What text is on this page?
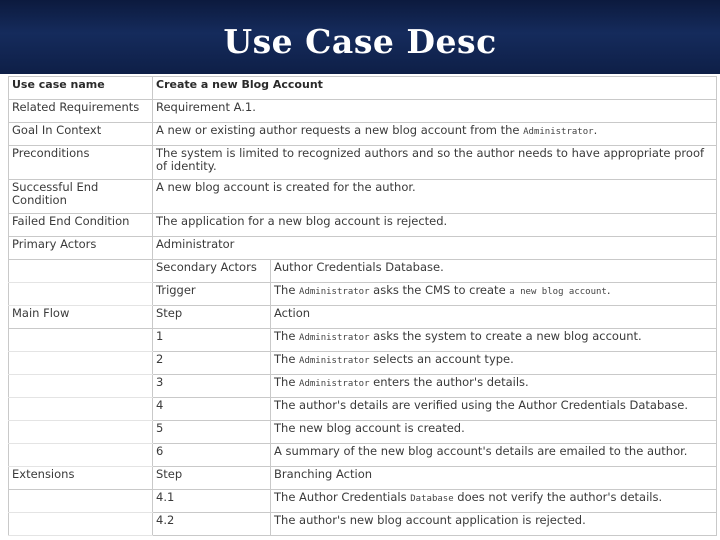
Use Case Desc
Use case name	Create a new Blog Account	
Related Requirements	Requirement A.1.	
Goal In Context	A new or existing author requests a new blog account from the Administrator.	
Preconditions	The system is limited to recognized authors and so the author needs to have appropriate proof of identity.	
Successful End Condition	A new blog account is created for the author.	
Failed End Condition	The application for a new blog account is rejected.	
Primary Actors	Administrator	
	Secondary Actors	Author Credentials Database.
	Trigger	The Administrator asks the CMS to create a new blog account.
Main Flow	Step	Action
	1	The Administrator asks the system to create a new blog account.
	2	The Administrator selects an account type.
	3	The Administrator enters the author's details.
	4	The author's details are verified using the Author Credentials Database.
	5	The new blog account is created.
	6	A summary of the new blog account's details are emailed to the author.
Extensions	Step	Branching Action
	4.1	The Author Credentials Database does not verify the author's details.
	4.2	The author's new blog account application is rejected.
